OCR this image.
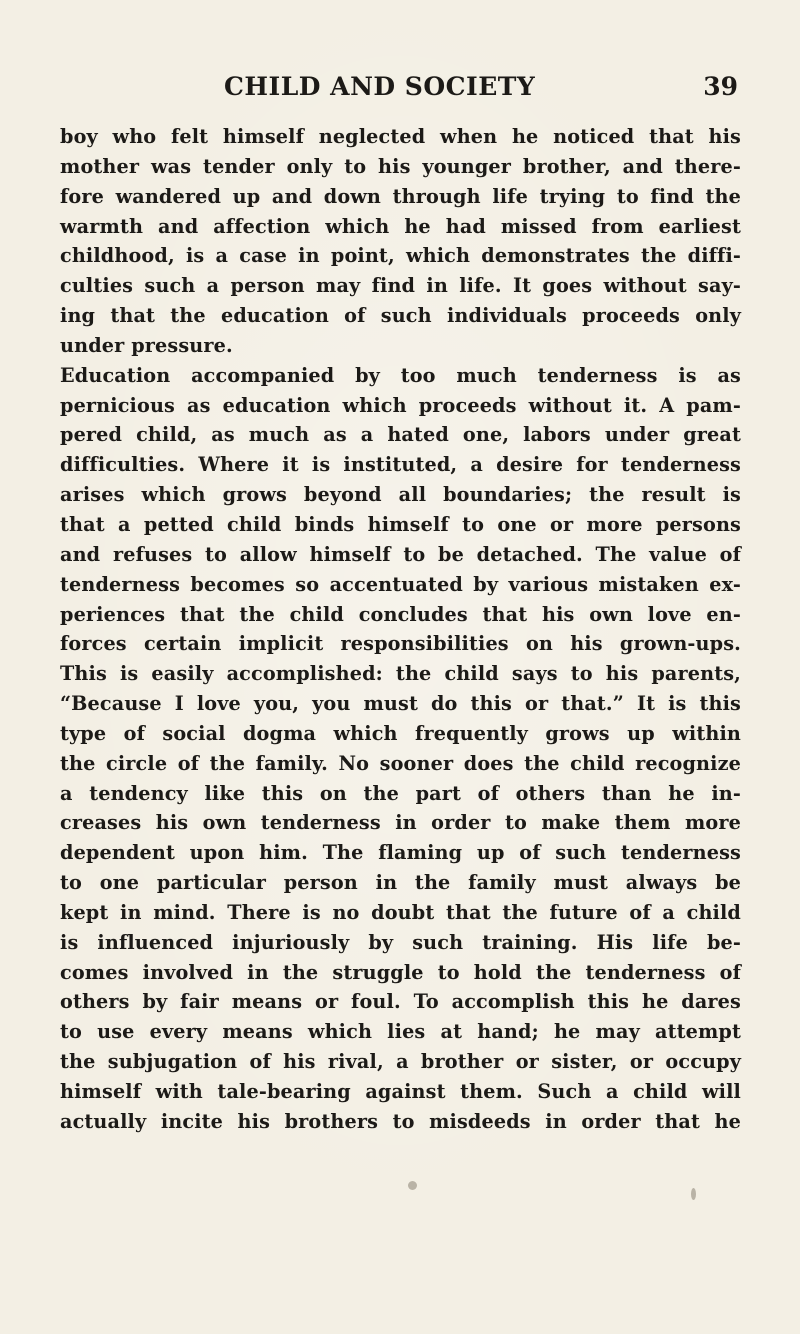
CHILD AND SOCIETY	39
boy who felt himself neglected when he noticed that his
mother was tender only to his younger brother, and there-
fore wandered up and down through life trying to find the
warmth and affection which he had missed from earliest
childhood, is a case in point, which demonstrates the diffi-
culties such a person may find in life. It goes without say-
ing that the education of such individuals proceeds only
under pressure.
Education accompanied by too much tenderness is as
pernicious as education which proceeds without it. A pam-
pered child, as much as a hated one, labors under great
difficulties. Where it is instituted, a desire for tenderness
arises which grows beyond all boundaries; the result is
that a petted child binds himself to one or more persons
and refuses to allow himself to be detached. The value of
tenderness becomes so accentuated by various mistaken ex-
periences that the child concludes that his own love en-
forces certain implicit responsibilities on his grown-ups.
This is easily accomplished: the child says to his parents,
“Because I love you, you must do this or that.” It is this
type of social dogma which frequently grows up within
the circle of the family. No sooner does the child recognize
a tendency like this on the part of others than he in-
creases his own tenderness in order to make them more
dependent upon him. The flaming up of such tenderness
to one particular person in the family must always be
kept in mind. There is no doubt that the future of a child
is influenced injuriously by such training. His life be-
comes involved in the struggle to hold the tenderness of
others by fair means or foul. To accomplish this he dares
to use every means which lies at hand; he may attempt
the subjugation of his rival, a brother or sister, or occupy
himself with tale-bearing against them. Such a child will
actually incite his brothers to misdeeds in order that he
